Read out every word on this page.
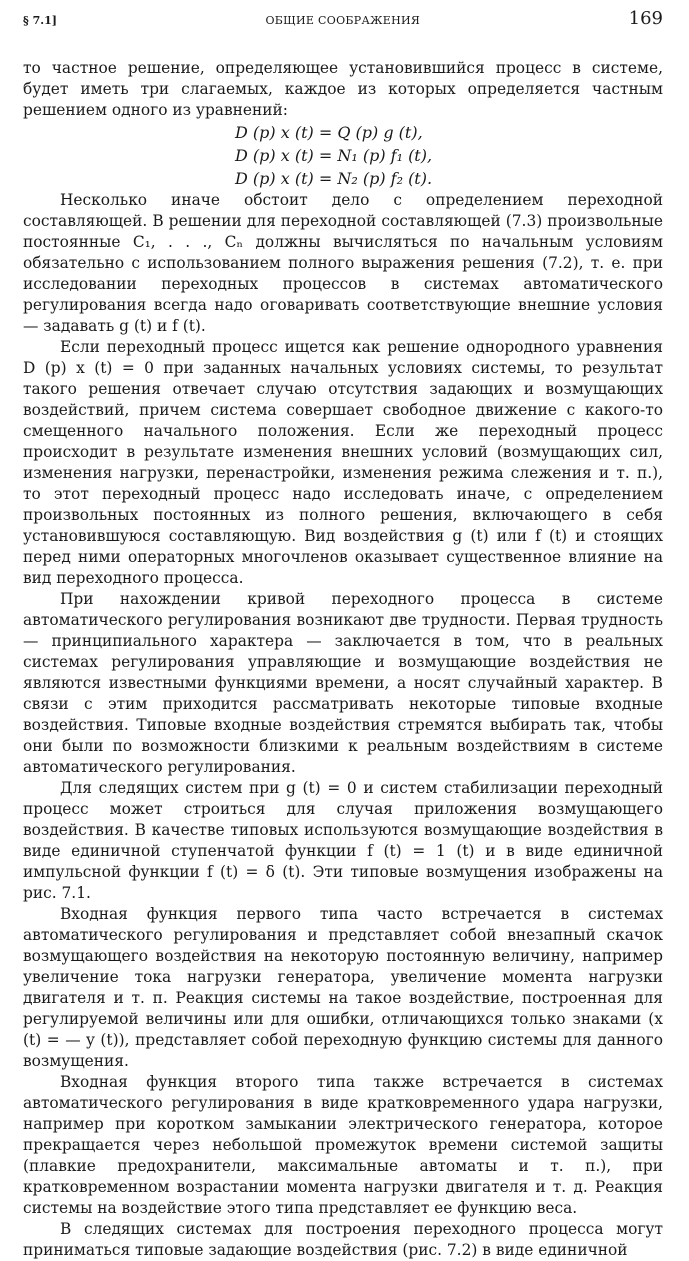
§ 7.1]	ОБЩИЕ СООБРАЖЕНИЯ	169

то частное решение, определяющее установившийся процесс в системе, будет иметь три слагаемых, каждое из которых определяется частным решением одного из уравнений:

D (p) x (t) = Q (p) g (t),
D (p) x (t) = N₁ (p) f₁ (t),
D (p) x (t) = N₂ (p) f₂ (t).

Несколько иначе обстоит дело с определением переходной составляющей. В решении для переходной составляющей (7.3) произвольные постоянные C₁, . . ., Cₙ должны вычисляться по начальным условиям обязательно с использованием полного выражения решения (7.2), т. е. при исследовании переходных процессов в системах автоматического регулирования всегда надо оговаривать соответствующие внешние условия — задавать g (t) и f (t).

Если переходный процесс ищется как решение однородного уравнения D (p) x (t) = 0 при заданных начальных условиях системы, то результат такого решения отвечает случаю отсутствия задающих и возмущающих воздействий, причем система совершает свободное движение с какого-то смещенного начального положения. Если же переходный процесс происходит в результате изменения внешних условий (возмущающих сил, изменения нагрузки, перенастройки, изменения режима слежения и т. п.), то этот переходный процесс надо исследовать иначе, с определением произвольных постоянных из полного решения, включающего в себя установившуюся составляющую. Вид воздействия g (t) или f (t) и стоящих перед ними операторных многочленов оказывает существенное влияние на вид переходного процесса.

При нахождении кривой переходного процесса в системе автоматического регулирования возникают две трудности. Первая трудность — принципиального характера — заключается в том, что в реальных системах регулирования управляющие и возмущающие воздействия не являются известными функциями времени, а носят случайный характер. В связи с этим приходится рассматривать некоторые типовые входные воздействия. Типовые входные воздействия стремятся выбирать так, чтобы они были по возможности близкими к реальным воздействиям в системе автоматического регулирования.

Для следящих систем при g (t) = 0 и систем стабилизации переходный процесс может строиться для случая приложения возмущающего воздействия. В качестве типовых используются возмущающие воздействия в виде единичной ступенчатой функции f (t) = 1 (t) и в виде единичной импульсной функции f (t) = δ (t). Эти типовые возмущения изображены на рис. 7.1.

Входная функция первого типа часто встречается в системах автоматического регулирования и представляет собой внезапный скачок возмущающего воздействия на некоторую постоянную величину, например увеличение тока нагрузки генератора, увеличение момента нагрузки двигателя и т. п. Реакция системы на такое воздействие, построенная для регулируемой величины или для ошибки, отличающихся только знаками (x (t) = — y (t)), представляет собой переходную функцию системы для данного возмущения.

Входная функция второго типа также встречается в системах автоматического регулирования в виде кратковременного удара нагрузки, например при коротком замыкании электрического генератора, которое прекращается через небольшой промежуток времени системой защиты (плавкие предохранители, максимальные автоматы и т. п.), при кратковременном возрастании момента нагрузки двигателя и т. д. Реакция системы на воздействие этого типа представляет ее функцию веса.

В следящих системах для построения переходного процесса могут приниматься типовые задающие воздействия (рис. 7.2) в виде единичной
